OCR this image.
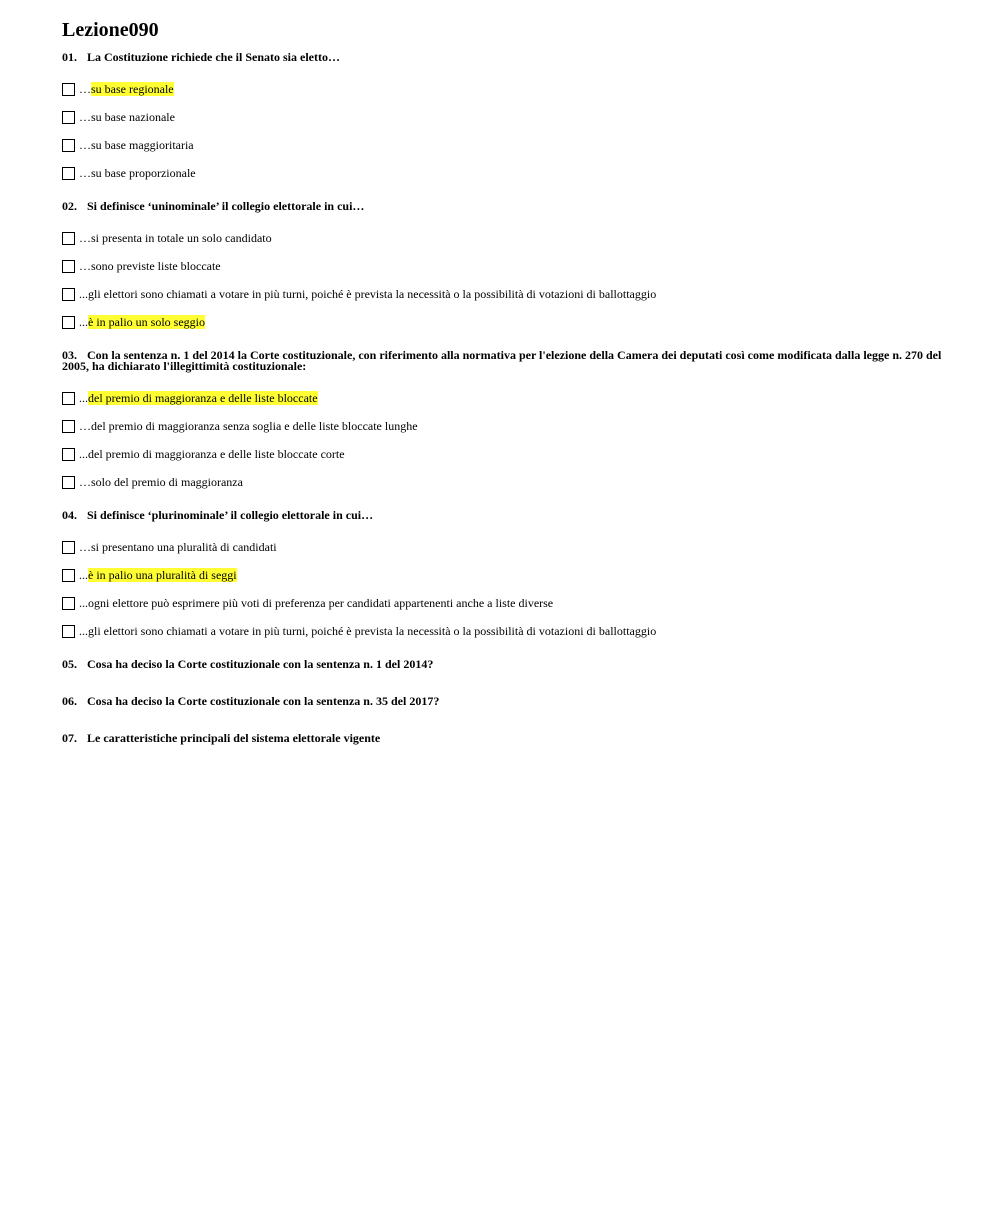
Lezione090

01. La Costituzione richiede che il Senato sia eletto…

…su base regionale
…su base nazionale
…su base maggioritaria
…su base proporzionale

02. Si definisce ‘uninominale’ il collegio elettorale in cui…

…si presenta in totale un solo candidato
…sono previste liste bloccate
...gli elettori sono chiamati a votare in più turni, poiché è prevista la necessità o la possibilità di votazioni di ballottaggio
...è in palio un solo seggio

03. Con la sentenza n. 1 del 2014 la Corte costituzionale, con riferimento alla normativa per l'elezione della Camera dei deputati così come modificata dalla legge n. 270 del 2005, ha dichiarato l'illegittimità costituzionale:

...del premio di maggioranza e delle liste bloccate
…del premio di maggioranza senza soglia e delle liste bloccate lunghe
...del premio di maggioranza e delle liste bloccate corte
…solo del premio di maggioranza

04. Si definisce ‘plurinominale’ il collegio elettorale in cui…

…si presentano una pluralità di candidati
...è in palio una pluralità di seggi
...ogni elettore può esprimere più voti di preferenza per candidati appartenenti anche a liste diverse
...gli elettori sono chiamati a votare in più turni, poiché è prevista la necessità o la possibilità di votazioni di ballottaggio

05. Cosa ha deciso la Corte costituzionale con la sentenza n. 1 del 2014?

06. Cosa ha deciso la Corte costituzionale con la sentenza n. 35 del 2017?

07. Le caratteristiche principali del sistema elettorale vigente
